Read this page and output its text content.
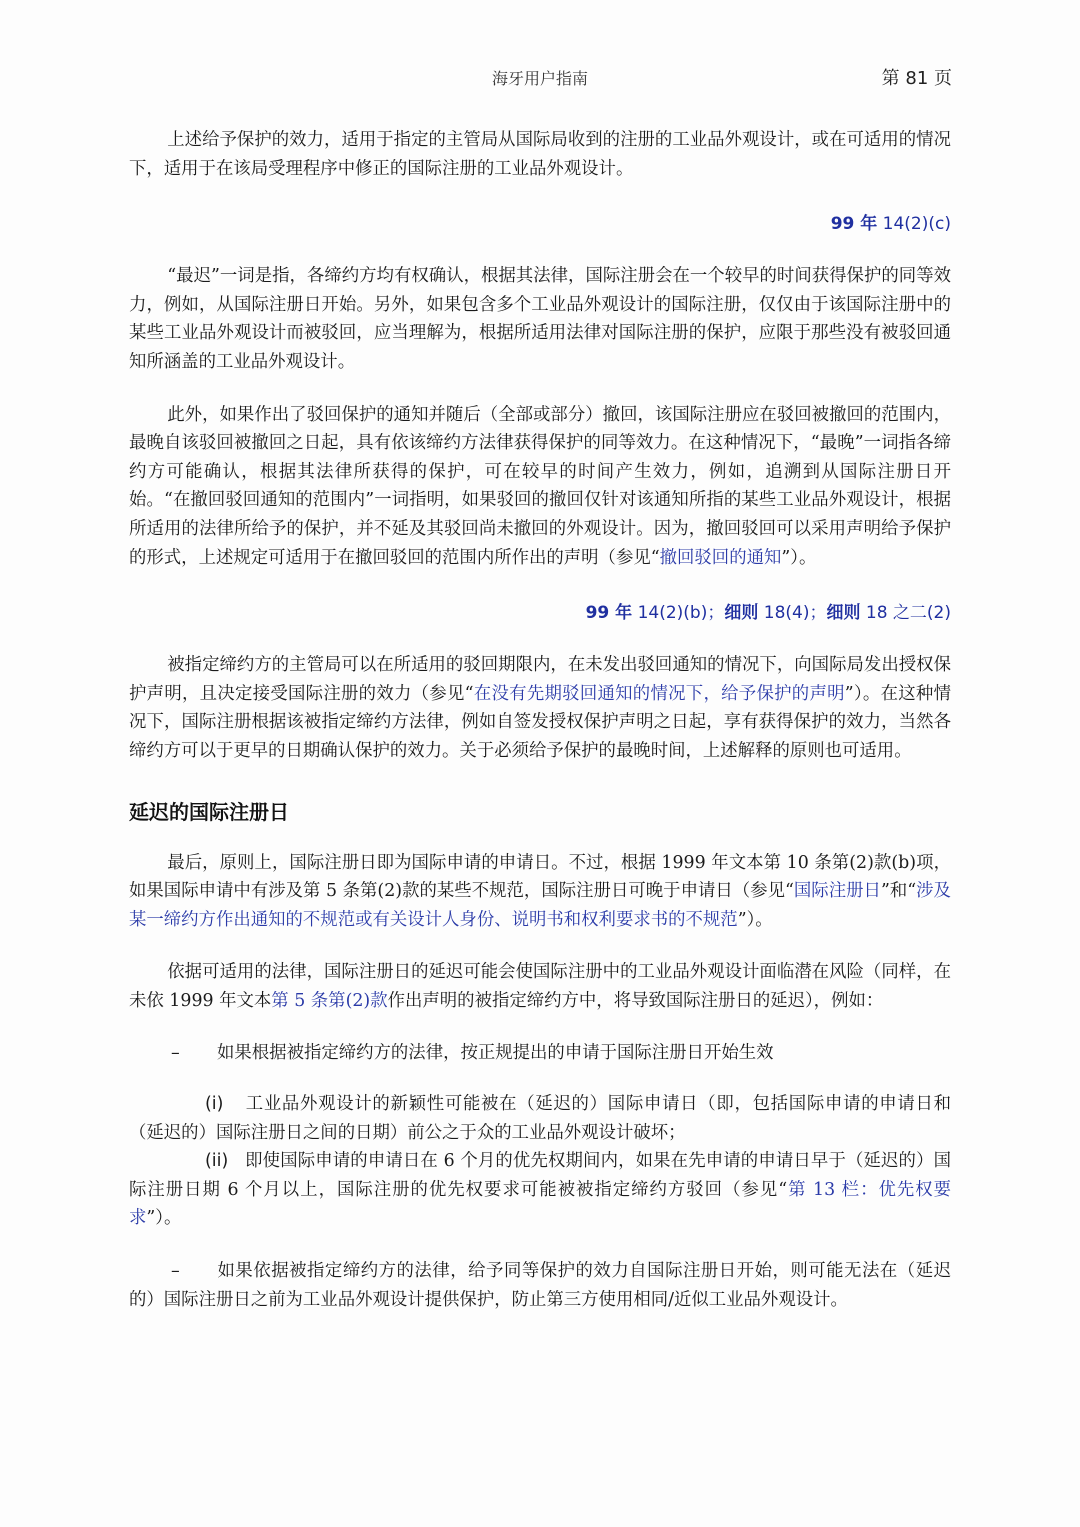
海牙用户指南	第 81 页

上述给予保护的效力，适用于指定的主管局从国际局收到的注册的工业品外观设计，或在可适用的情况下，适用于在该局受理程序中修正的国际注册的工业品外观设计。

99 年 14(2)(c)

“最迟”一词是指，各缔约方均有权确认，根据其法律，国际注册会在一个较早的时间获得保护的同等效力，例如，从国际注册日开始。另外，如果包含多个工业品外观设计的国际注册，仅仅由于该国际注册中的某些工业品外观设计而被驳回，应当理解为，根据所适用法律对国际注册的保护，应限于那些没有被驳回通知所涵盖的工业品外观设计。

此外，如果作出了驳回保护的通知并随后（全部或部分）撤回，该国际注册应在驳回被撤回的范围内，最晚自该驳回被撤回之日起，具有依该缔约方法律获得保护的同等效力。在这种情况下，“最晚”一词指各缔约方可能确认，根据其法律所获得的保护，可在较早的时间产生效力，例如，追溯到从国际注册日开始。“在撤回驳回通知的范围内”一词指明，如果驳回的撤回仅针对该通知所指的某些工业品外观设计，根据所适用的法律所给予的保护，并不延及其驳回尚未撤回的外观设计。因为，撤回驳回可以采用声明给予保护的形式，上述规定可适用于在撤回驳回的范围内所作出的声明（参见“撤回驳回的通知”）。

99 年 14(2)(b)；细则 18(4)；细则 18 之二(2)

被指定缔约方的主管局可以在所适用的驳回期限内，在未发出驳回通知的情况下，向国际局发出授权保护声明，且决定接受国际注册的效力（参见“在没有先期驳回通知的情况下，给予保护的声明”）。在这种情况下，国际注册根据该被指定缔约方法律，例如自签发授权保护声明之日起，享有获得保护的效力，当然各缔约方可以于更早的日期确认保护的效力。关于必须给予保护的最晚时间，上述解释的原则也可适用。

延迟的国际注册日

最后，原则上，国际注册日即为国际申请的申请日。不过，根据 1999 年文本第 10 条第(2)款(b)项，如果国际申请中有涉及第 5 条第(2)款的某些不规范，国际注册日可晚于申请日（参见“国际注册日”和“涉及某一缔约方作出通知的不规范或有关设计人身份、说明书和权利要求书的不规范”）。

依据可适用的法律，国际注册日的延迟可能会使国际注册中的工业品外观设计面临潜在风险（同样，在未依 1999 年文本第 5 条第(2)款作出声明的被指定缔约方中，将导致国际注册日的延迟），例如：

– 如果根据被指定缔约方的法律，按正规提出的申请于国际注册日开始生效
(i) 工业品外观设计的新颖性可能被在（延迟的）国际申请日（即，包括国际申请的申请日和（延迟的）国际注册日之间的日期）前公之于众的工业品外观设计破坏；
(ii) 即使国际申请的申请日在 6 个月的优先权期间内，如果在先申请的申请日早于（延迟的）国际注册日期 6 个月以上，国际注册的优先权要求可能被被指定缔约方驳回（参见“第 13 栏：优先权要求”）。
– 如果依据被指定缔约方的法律，给予同等保护的效力自国际注册日开始，则可能无法在（延迟的）国际注册日之前为工业品外观设计提供保护，防止第三方使用相同/近似工业品外观设计。
